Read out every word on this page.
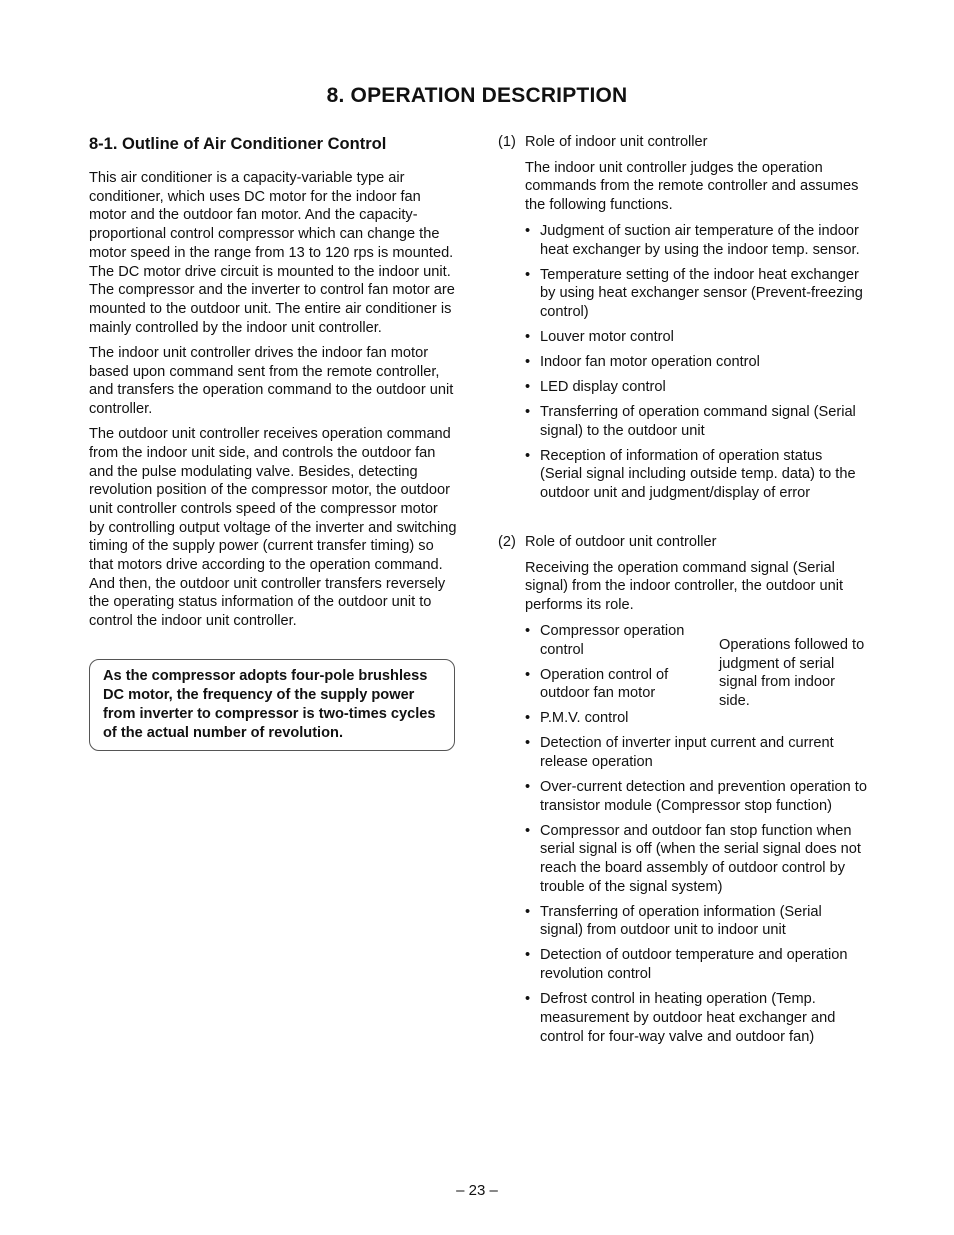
8. OPERATION DESCRIPTION
8-1. Outline of Air Conditioner Control

This air conditioner is a capacity-variable type air conditioner, which uses DC motor for the indoor fan motor and the outdoor fan motor. And the capacity-proportional control compressor which can change the motor speed in the range from 13 to 120 rps is mounted. The DC motor drive circuit is mounted to the indoor unit. The compressor and the inverter to control fan motor are mounted to the outdoor unit. The entire air conditioner is mainly controlled by the indoor unit controller.

The indoor unit controller drives the indoor fan motor based upon command sent from the remote controller, and transfers the operation command to the outdoor unit controller.

The outdoor unit controller receives operation command from the indoor unit side, and controls the outdoor fan and the pulse modulating valve. Besides, detecting revolution position of the compressor motor, the outdoor unit controller controls speed of the compressor motor by controlling output voltage of the inverter and switching timing of the supply power (current transfer timing) so that motors drive according to the operation command. And then, the outdoor unit controller transfers reversely the operating status information of the outdoor unit to control the indoor unit controller.

As the compressor adopts four-pole brushless DC motor, the frequency of the supply power from inverter to compressor is two-times cycles of the actual number of revolution.
(1) Role of indoor unit controller

The indoor unit controller judges the operation commands from the remote controller and assumes the following functions.

• Judgment of suction air temperature of the indoor heat exchanger by using the indoor temp. sensor.
• Temperature setting of the indoor heat exchanger by using heat exchanger sensor (Prevent-freezing control)
• Louver motor control
• Indoor fan motor operation control
• LED display control
• Transferring of operation command signal (Serial signal) to the outdoor unit
• Reception of information of operation status (Serial signal including outside temp. data) to the outdoor unit and judgment/display of error
(2) Role of outdoor unit controller

Receiving the operation command signal (Serial signal) from the indoor controller, the outdoor unit performs its role.

• Compressor operation control
• Operation control of outdoor fan motor
• P.M.V. control
Operations followed to judgment of serial signal from indoor side.
• Detection of inverter input current and current release operation
• Over-current detection and prevention operation to transistor module (Compressor stop function)
• Compressor and outdoor fan stop function when serial signal is off (when the serial signal does not reach the board assembly of outdoor control by trouble of the signal system)
• Transferring of operation information (Serial signal) from outdoor unit to indoor unit
• Detection of outdoor temperature and operation revolution control
• Defrost control in heating operation (Temp. measurement by outdoor heat exchanger and control for four-way valve and outdoor fan)
– 23 –
